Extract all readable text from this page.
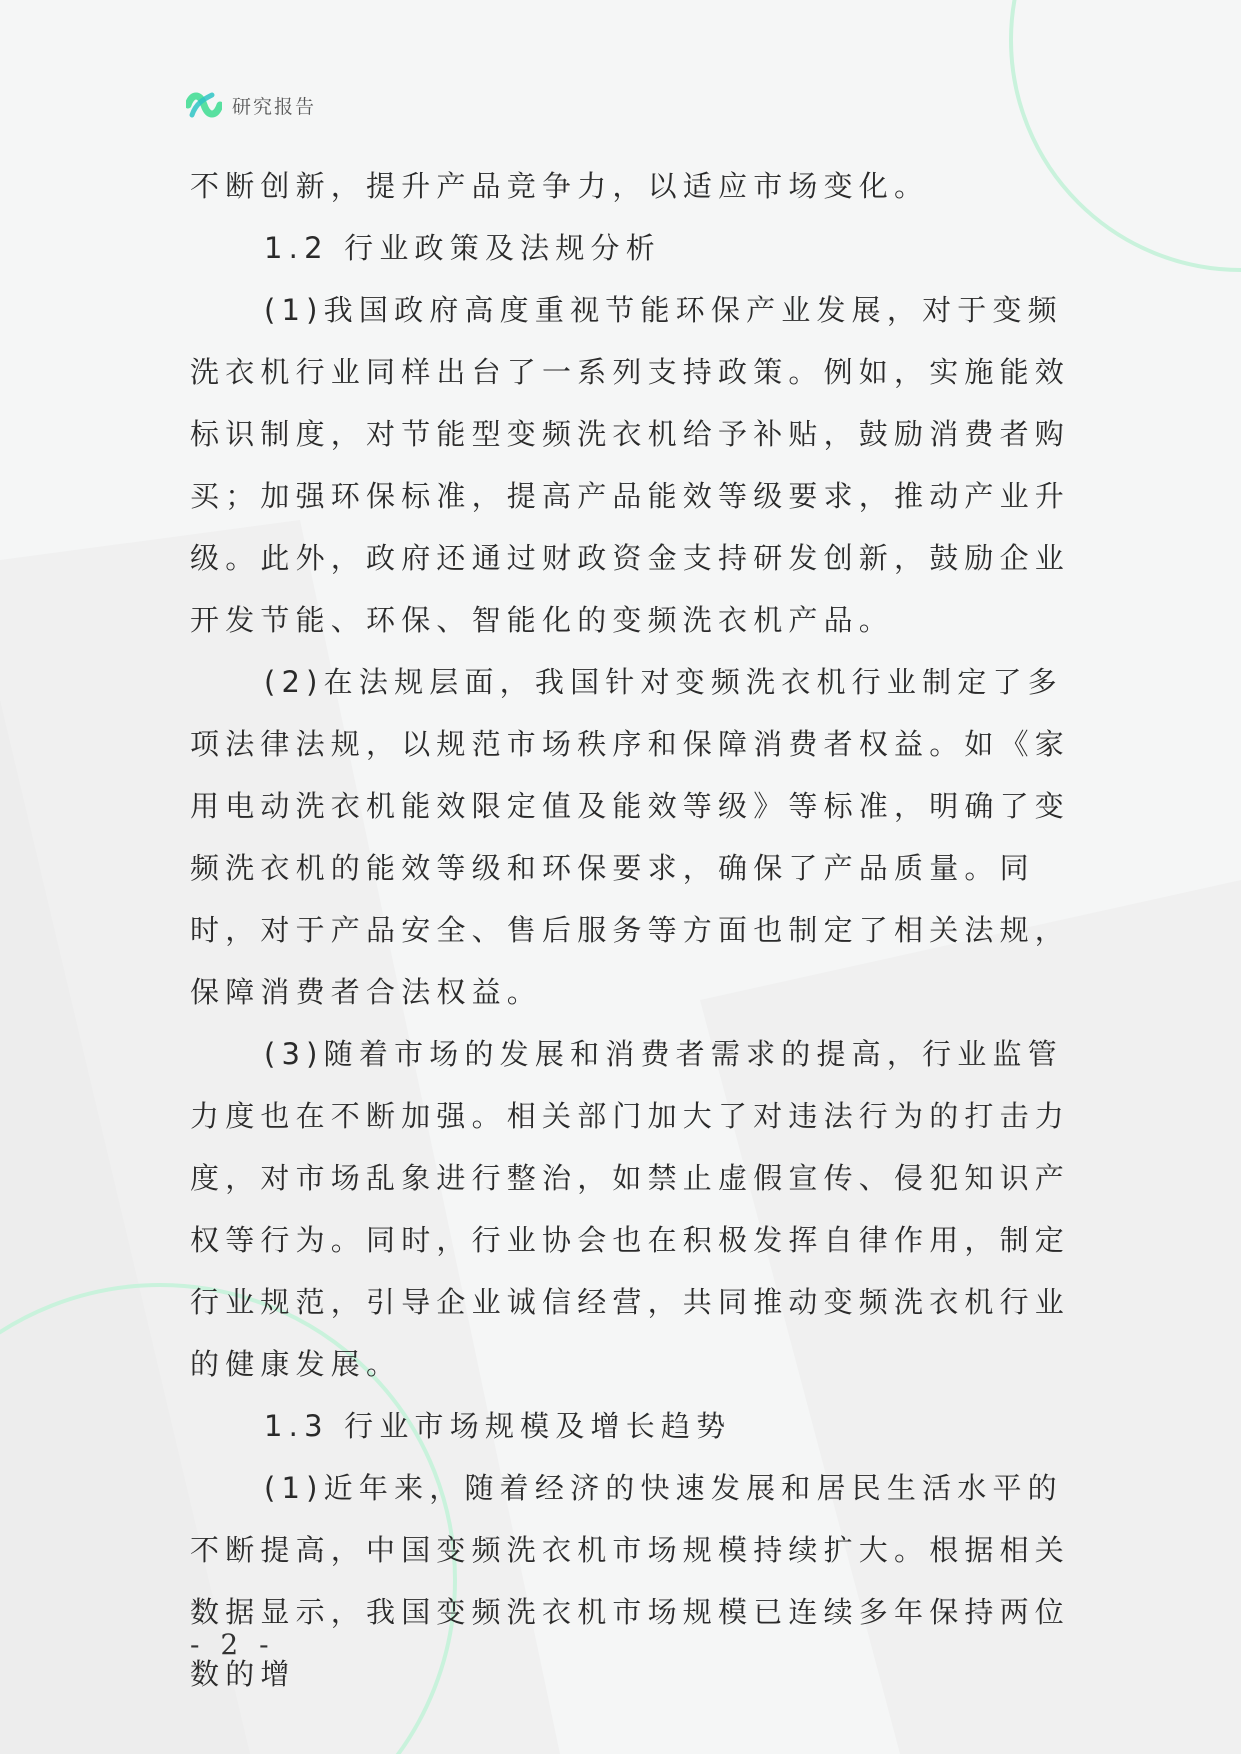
研究报告

不断创新，提升产品竞争力，以适应市场变化。

1.2 行业政策及法规分析

(1)我国政府高度重视节能环保产业发展，对于变频洗衣机行业同样出台了一系列支持政策。例如，实施能效标识制度，对节能型变频洗衣机给予补贴，鼓励消费者购买；加强环保标准，提高产品能效等级要求，推动产业升级。此外，政府还通过财政资金支持研发创新，鼓励企业开发节能、环保、智能化的变频洗衣机产品。

(2)在法规层面，我国针对变频洗衣机行业制定了多项法律法规，以规范市场秩序和保障消费者权益。如《家用电动洗衣机能效限定值及能效等级》等标准，明确了变频洗衣机的能效等级和环保要求，确保了产品质量。同时，对于产品安全、售后服务等方面也制定了相关法规，保障消费者合法权益。

(3)随着市场的发展和消费者需求的提高，行业监管力度也在不断加强。相关部门加大了对违法行为的打击力度，对市场乱象进行整治，如禁止虚假宣传、侵犯知识产权等行为。同时，行业协会也在积极发挥自律作用，制定行业规范，引导企业诚信经营，共同推动变频洗衣机行业的健康发展。

1.3 行业市场规模及增长趋势

(1)近年来，随着经济的快速发展和居民生活水平的不断提高，中国变频洗衣机市场规模持续扩大。根据相关数据显示，我国变频洗衣机市场规模已连续多年保持两位数的增

- 2 -
